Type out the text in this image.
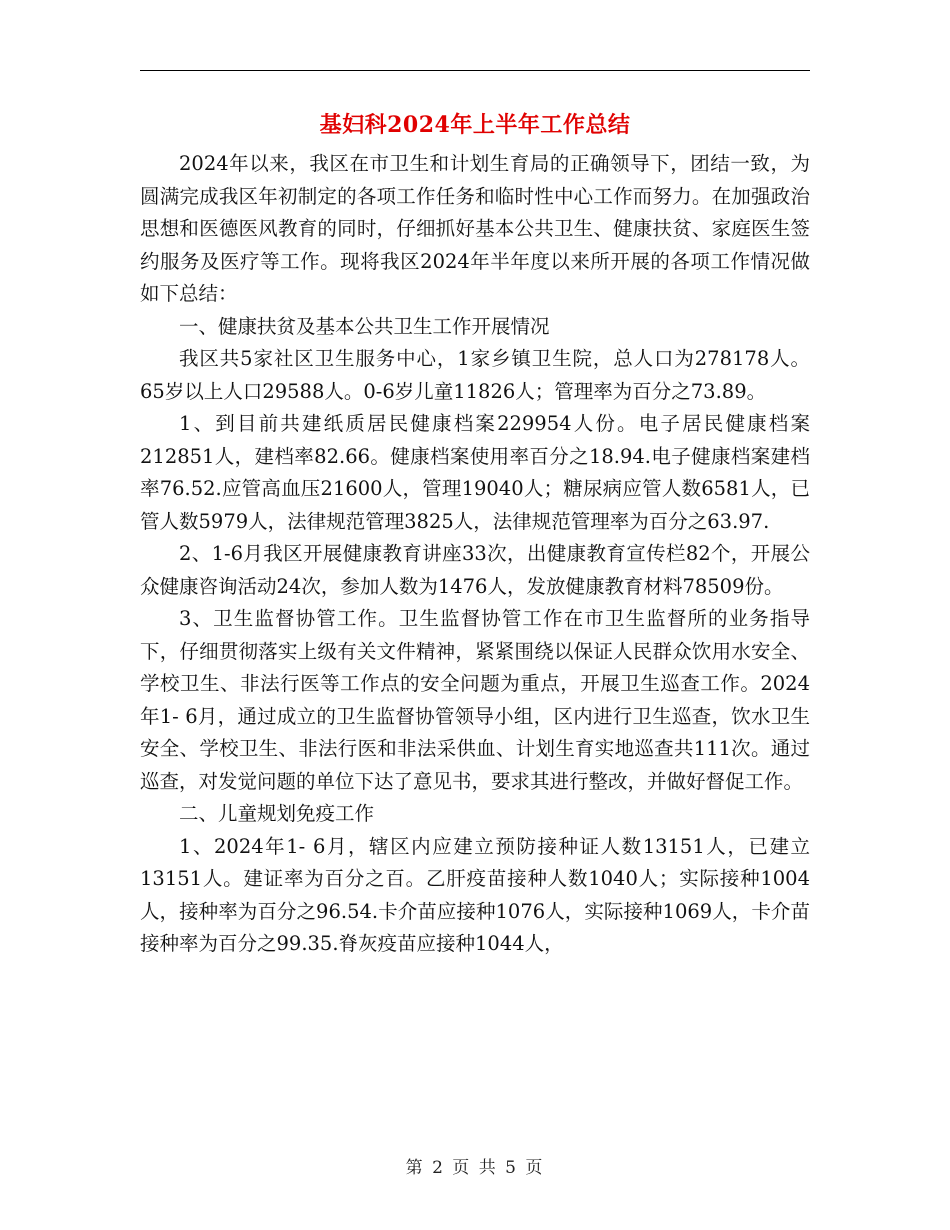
基妇科2024年上半年工作总结

2024年以来，我区在市卫生和计划生育局的正确领导下，团结一致，为圆满完成我区年初制定的各项工作任务和临时性中心工作而努力。在加强政治思想和医德医风教育的同时，仔细抓好基本公共卫生、健康扶贫、家庭医生签约服务及医疗等工作。现将我区2024年半年度以来所开展的各项工作情况做如下总结：

一、健康扶贫及基本公共卫生工作开展情况

我区共5家社区卫生服务中心，1家乡镇卫生院，总人口为278178人。65岁以上人口29588人。0-6岁儿童11826人；管理率为百分之73.89。

1、到目前共建纸质居民健康档案229954人份。电子居民健康档案212851人，建档率82.66。健康档案使用率百分之18.94.电子健康档案建档率76.52.应管高血压21600人，管理19040人；糖尿病应管人数6581人，已管人数5979人，法律规范管理3825人，法律规范管理率为百分之63.97.

2、1-6月我区开展健康教育讲座33次，出健康教育宣传栏82个，开展公众健康咨询活动24次，参加人数为1476人，发放健康教育材料78509份。

3、卫生监督协管工作。卫生监督协管工作在市卫生监督所的业务指导下，仔细贯彻落实上级有关文件精神，紧紧围绕以保证人民群众饮用水安全、学校卫生、非法行医等工作点的安全问题为重点，开展卫生巡查工作。2024年1- 6月，通过成立的卫生监督协管领导小组，区内进行卫生巡查，饮水卫生安全、学校卫生、非法行医和非法采供血、计划生育实地巡查共111次。通过巡查，对发觉问题的单位下达了意见书，要求其进行整改，并做好督促工作。

二、儿童规划免疫工作

1、2024年1- 6月，辖区内应建立预防接种证人数13151人，已建立13151人。建证率为百分之百。乙肝疫苗接种人数1040人；实际接种1004人，接种率为百分之96.54.卡介苗应接种1076人，实际接种1069人，卡介苗接种率为百分之99.35.脊灰疫苗应接种1044人，

第 2 页 共 5 页
